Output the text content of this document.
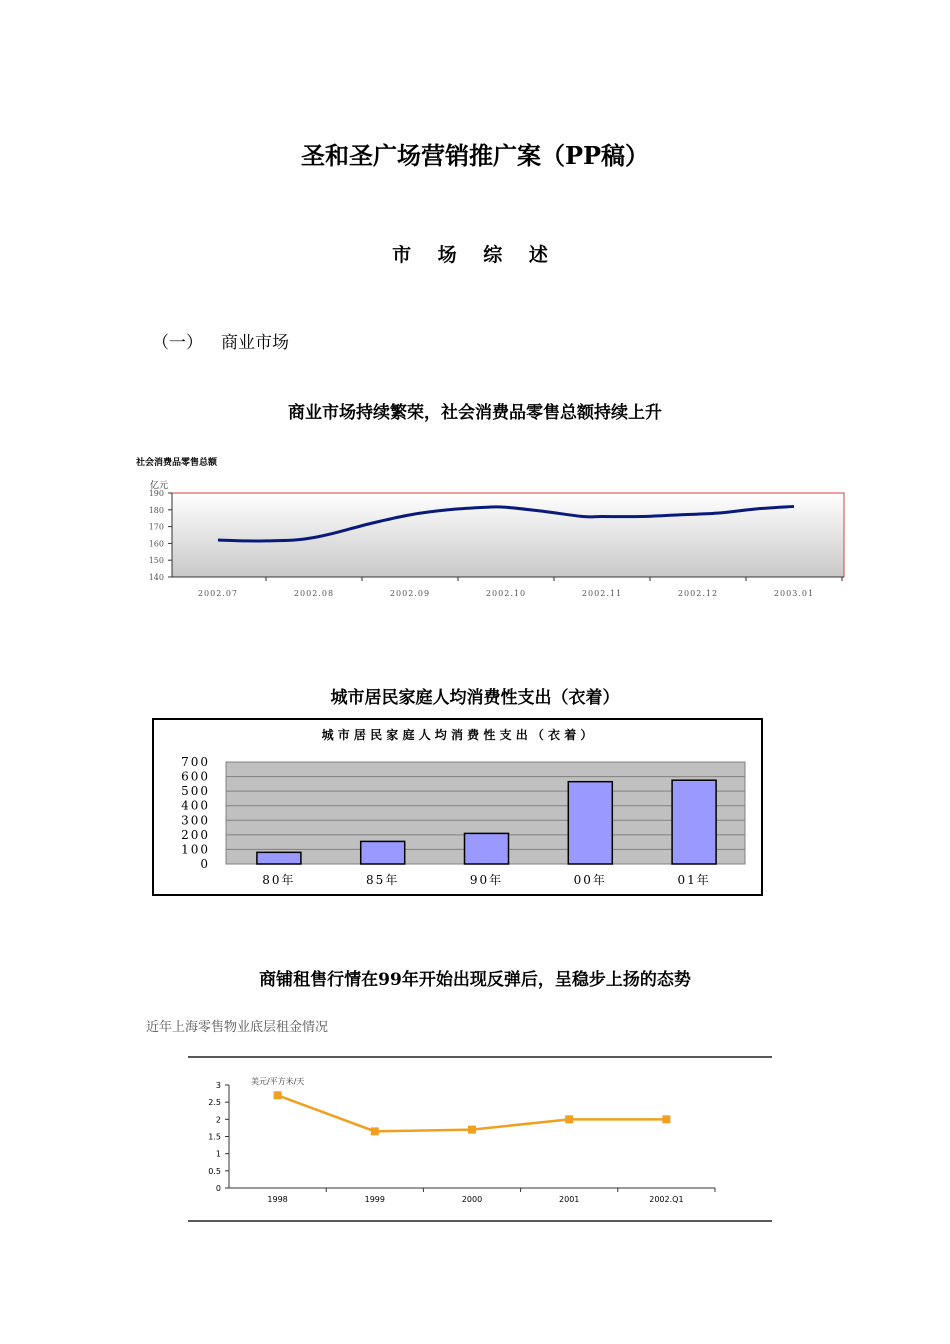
圣和圣广场营销推广案（PP稿）
市 场 综 述
（一） 商业市场
商业市场持续繁荣，社会消费品零售总额持续上升
城市居民家庭人均消费性支出（衣着）
商铺租售行情在99年开始出现反弹后，呈稳步上扬的态势
社会消费品零售总额
亿元
190
180
170
160
150
140
2002.07	2002.08	2002.09	2002.10	2002.11	2002.12	2003.01
城 市 居 民 家 庭 人 均 消 费 性 支 出 （ 衣 着 ）
700
600
500
400
300
200
100
0
80年	85年	90年	00年	01年
近年上海零售物业底层租金情况
美元/平方米/天
3
2.5
2
1.5
1
0.5
0
1998	1999	2000	2001	2002.Q1
